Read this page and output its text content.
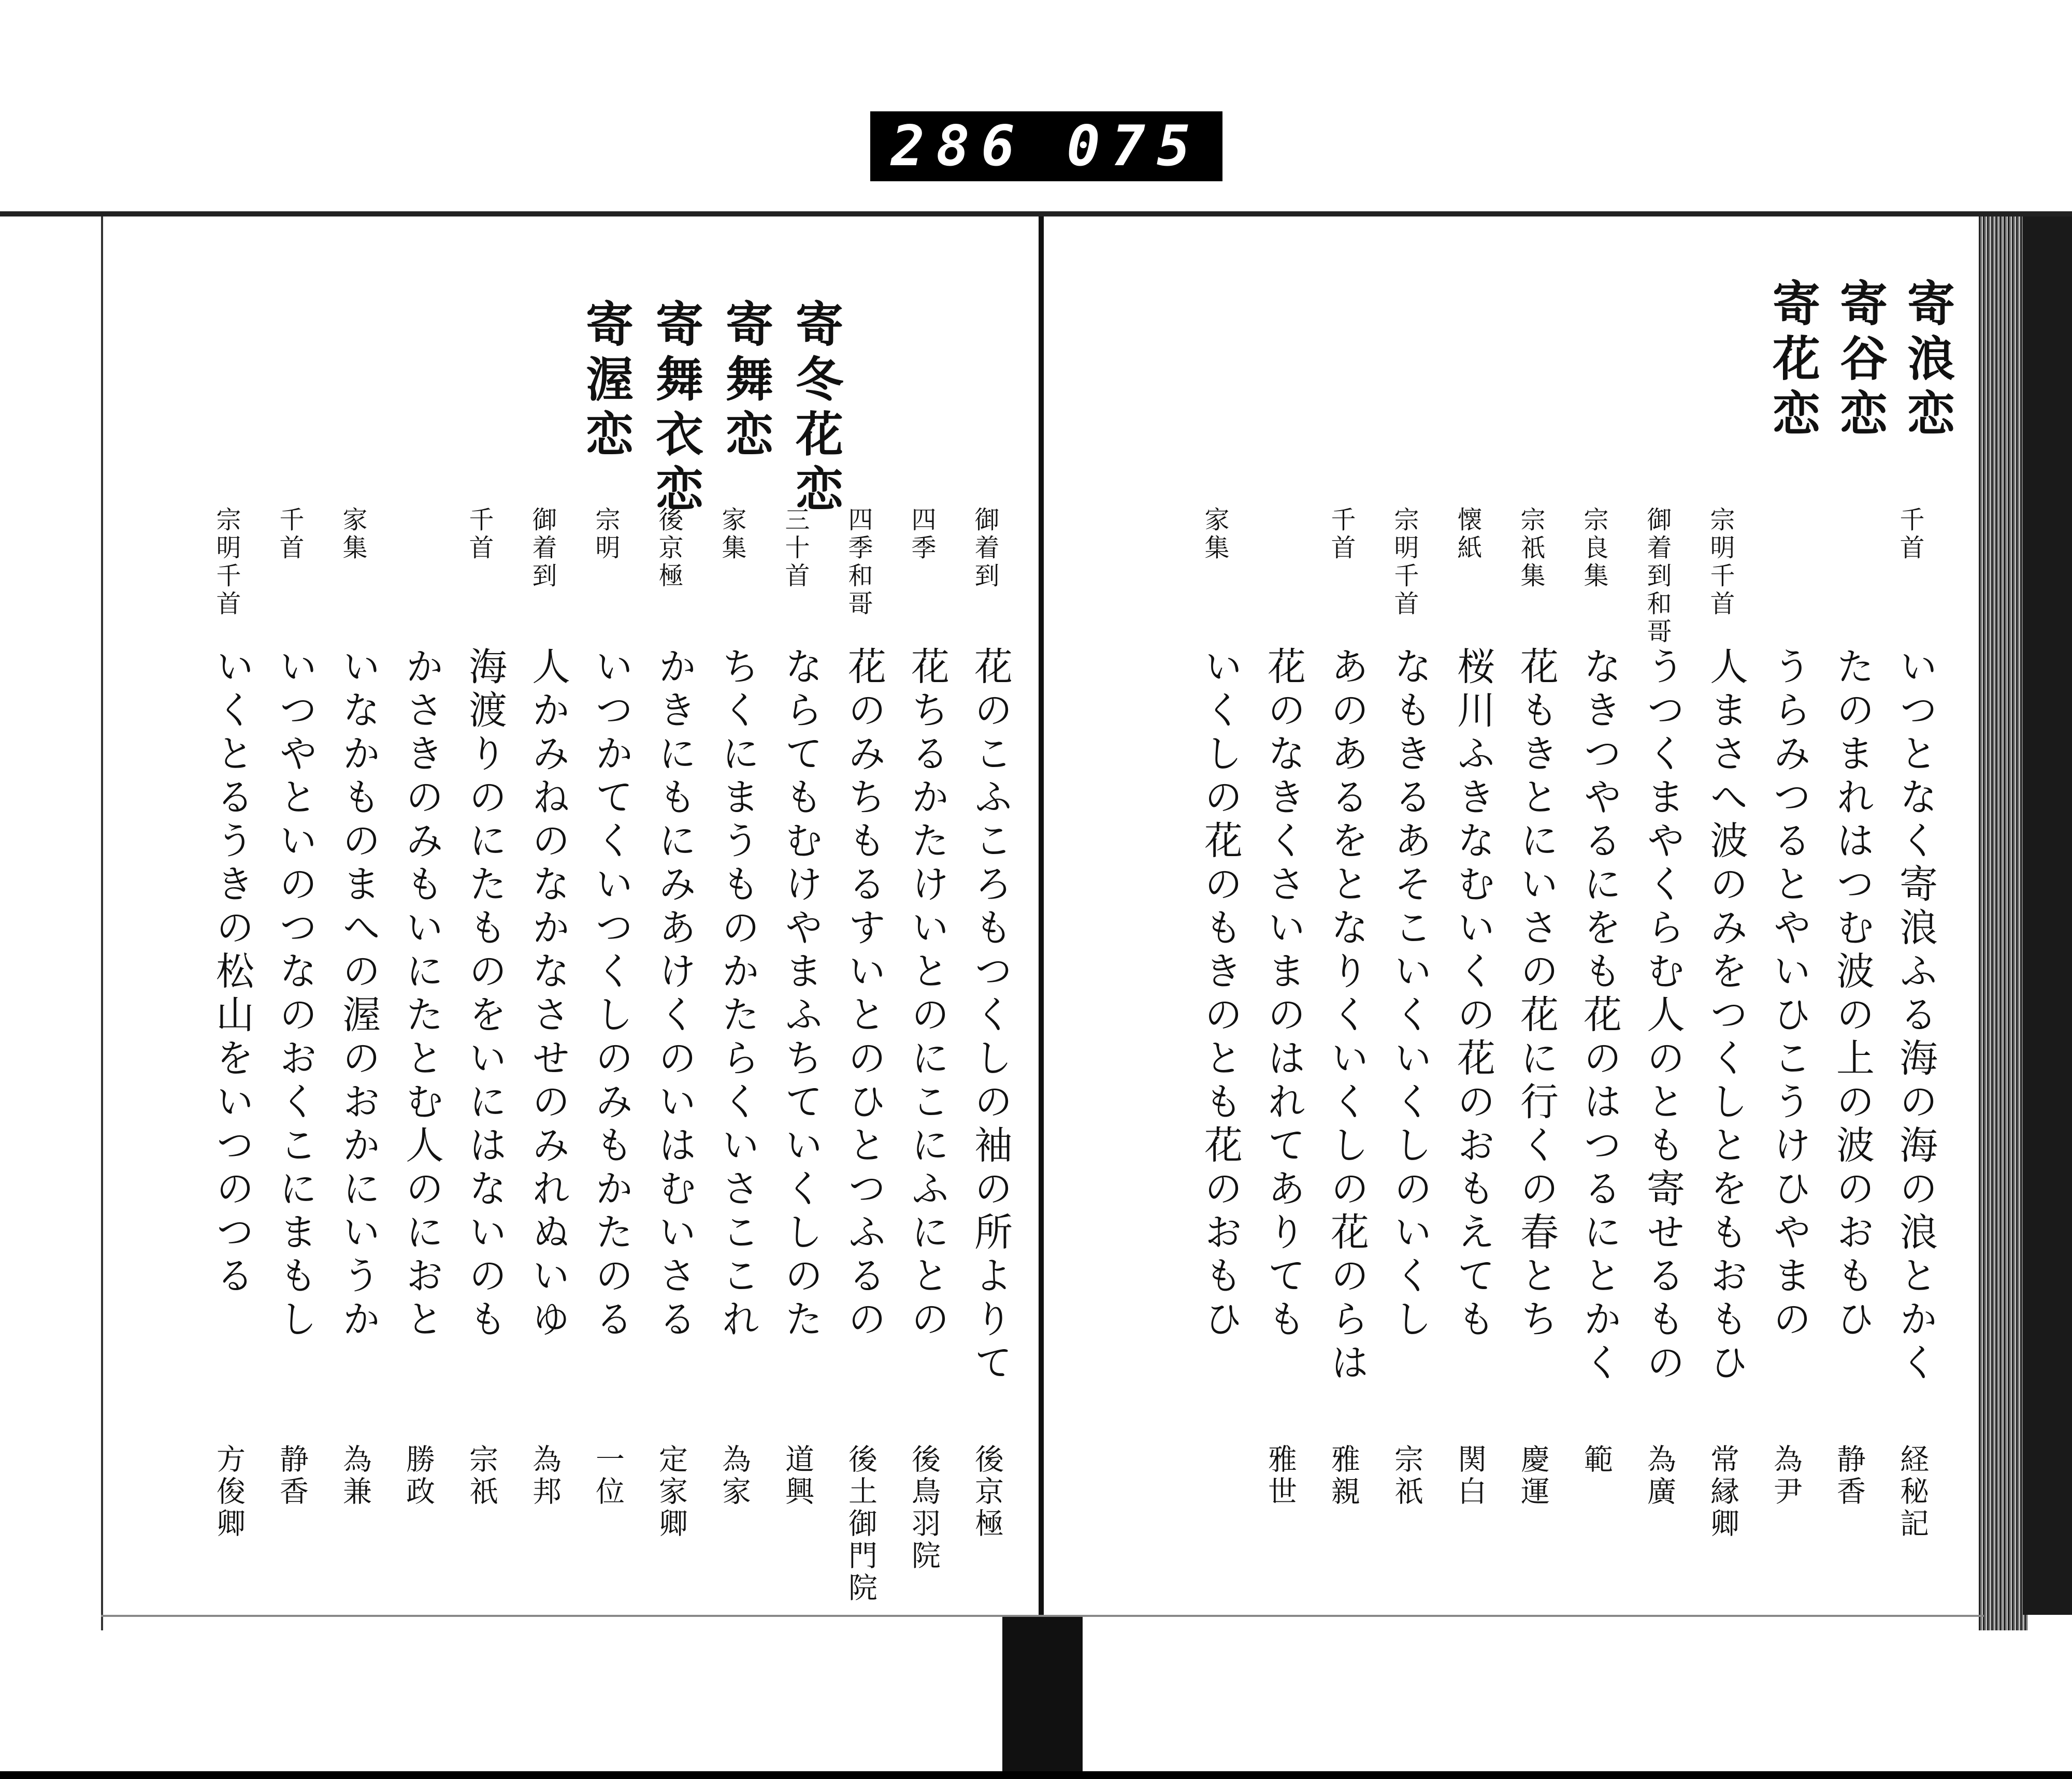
286 075
寄冬花恋
寄舞恋
寄舞衣恋
寄渥恋
御着到
花のこふころもつくしの袖の所よりて
後京極
四季
花ちるかたけいとのにこにふにとの
後鳥羽院
四季和哥
花のみちもるすいとのひとつふるの
後土御門院
三十首
ならてもむけやまふちていくしのた
道興
家集
ちくにまうものかたらくいさここれ
為家
後京極
かきにもにみあけくのいはむいさる
定家卿
宗明
いつかてくいつくしのみもかたのる
一位
御着到
人かみねのなかなさせのみれぬいゆ
為邦
千首
海渡りのにたものをいにはないのも
宗祇
かさきのみもいにたとむ人のにおと
勝政
家集
いなかものまへの渥のおかにいうか
為兼
千首
いつやといのつなのおくこにまもし
静香
宗明千首
いくとるうきの松山をいつのつる
方俊卿
寄浪恋
寄谷恋
寄花恋
千首
いつとなく寄浪ふる海の海の浪とかく
経秘記
たのまれはつむ波の上の波のおもひ
静香
うらみつるとやいひこうけひやまの
為尹
宗明千首
人まさへ波のみをつくしとをもおもひ
常縁卿
御着到和哥
うつくまやくらむ人のとも寄せるもの
為廣
宗良集
なきつやるにをも花のはつるにとかく
範
宗祇集
花もきとにいさの花に行くの春とち
慶運
懐紙
桜川ふきなむいくの花のおもえても
関白
宗明千首
なもきるあそこいくいくしのいくし
宗祇
千首
あのあるをとなりくいくしの花のらは
雅親
花のなきくさいまのはれてありても
雅世
家集
いくしの花のもきのとも花のおもひ
